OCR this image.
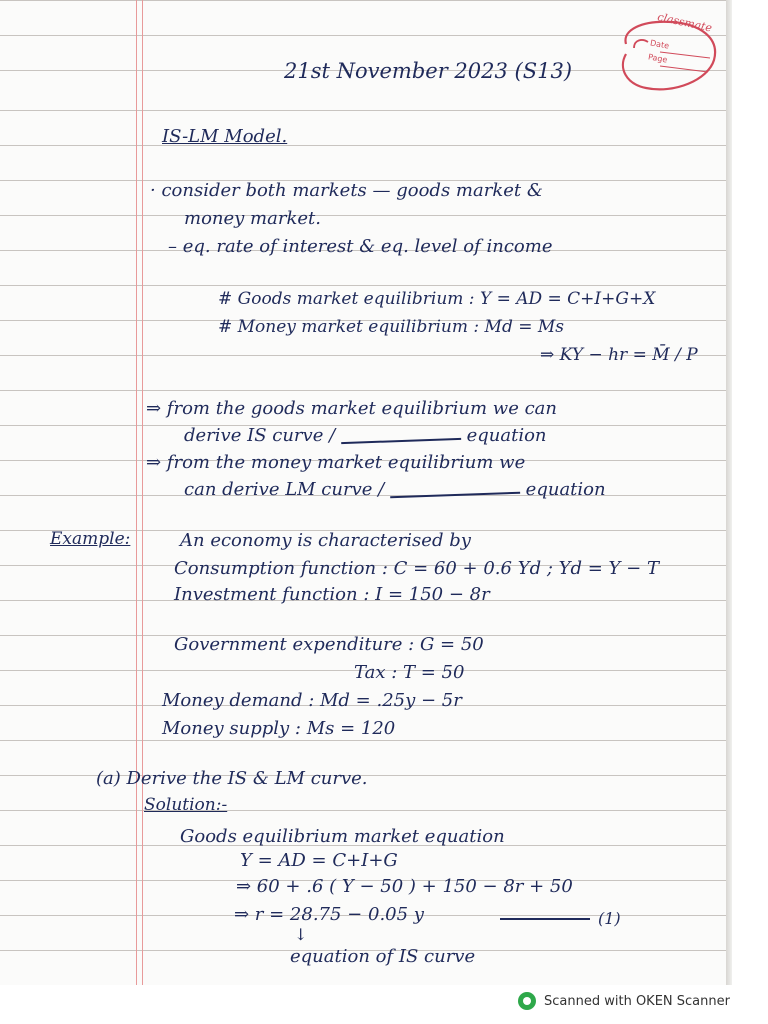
classmate
Date
Page
21st November 2023 (S13)
IS-LM Model.
· consider both markets — goods market &
money market.
– eq. rate of interest & eq. level of income
# Goods market equilibrium : Y = AD = C+I+G+X
# Money market equilibrium : Md = Ms
⇒ KY − hr = M̄ / P
⇒ from the goods market equilibrium we can
derive IS curve /	equation
⇒ from the money market equilibrium we
can derive LM curve /	equation
Example:	An economy is characterised by
Consumption function : C = 60 + 0.6 Yd ; Yd = Y − T
Investment function : I = 150 − 8r
Government expenditure : G = 50
Tax : T = 50
Money demand : Md = .25y − 5r
Money supply : Ms = 120
(a) Derive the IS & LM curve.
Solution:-
Goods equilibrium market equation
Y = AD = C+I+G
⇒ 60 + .6 ( Y − 50 ) + 150 − 8r + 50
⇒ r = 28.75 − 0.05 y	(1)
↓
equation of IS curve
Scanned with OKEN Scanner
